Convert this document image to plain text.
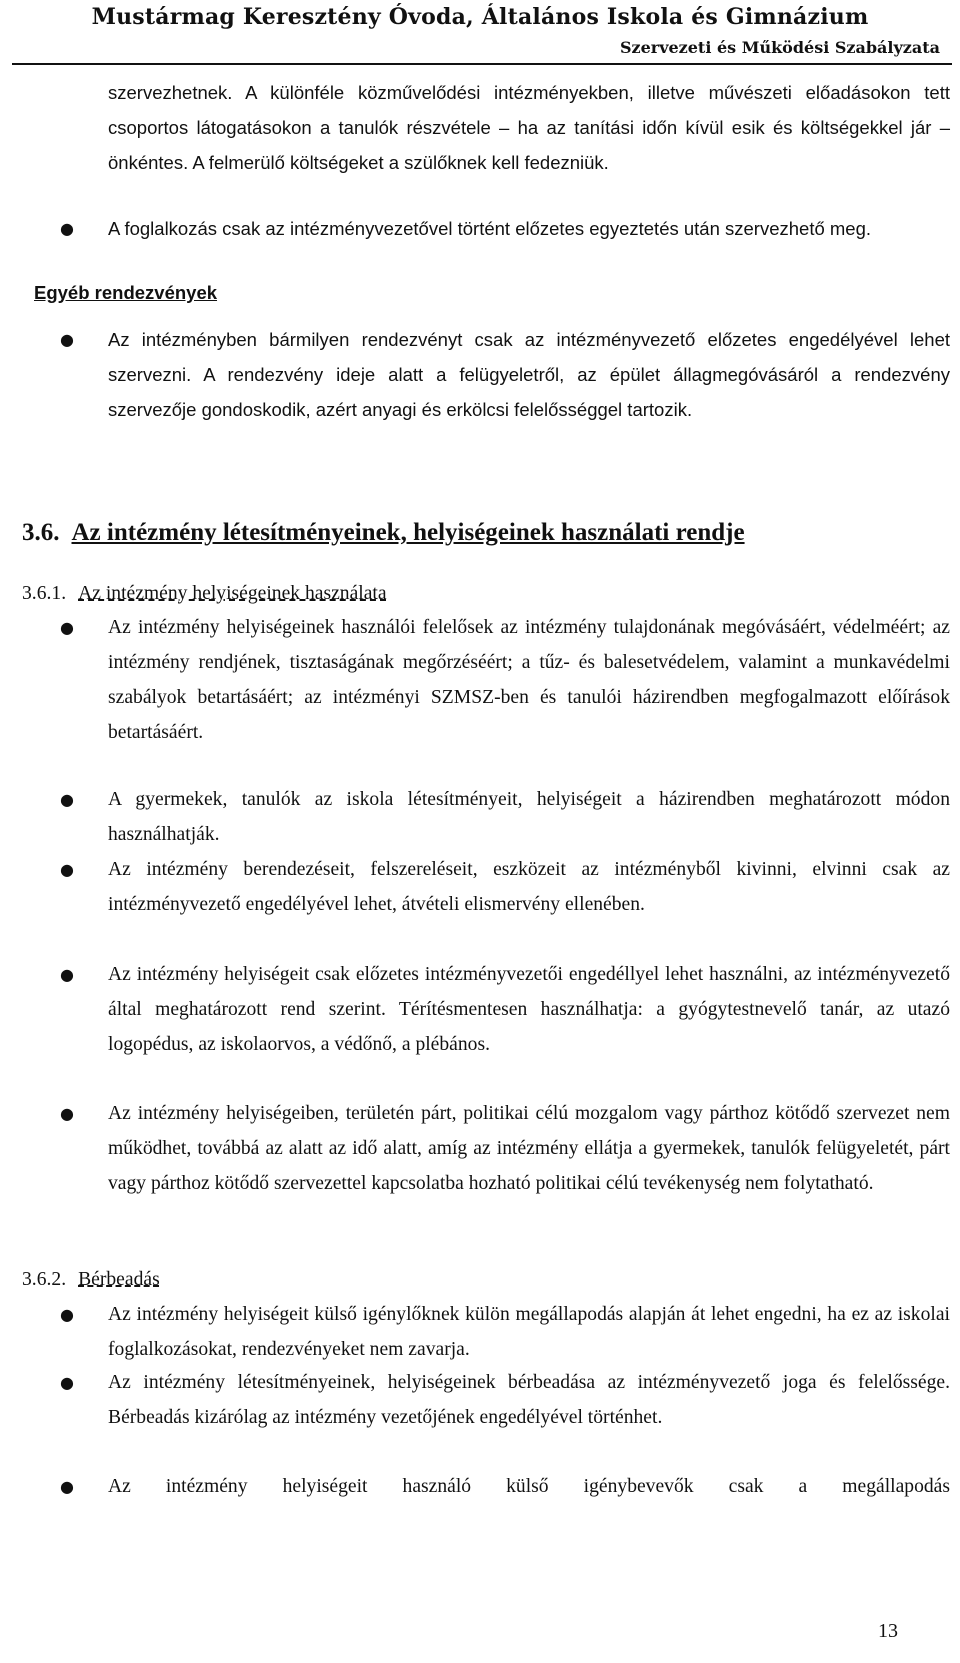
Mustármag Keresztény Óvoda, Általános Iskola és Gimnázium
Szervezeti és Működési Szabályzata
szervezhetnek. A különféle közművelődési intézményekben, illetve művészeti előadásokon tett csoportos látogatásokon a tanulók részvétele – ha az tanítási időn kívül esik és költségekkel jár – önkéntes. A felmerülő költségeket a szülőknek kell fedezniük.
● A foglalkozás csak az intézményvezetővel történt előzetes egyeztetés után szervezhető meg.
Egyéb rendezvények
● Az intézményben bármilyen rendezvényt csak az intézményvezető előzetes engedélyével lehet szervezni. A rendezvény ideje alatt a felügyeletről, az épület állagmegóvásáról a rendezvény szervezője gondoskodik, azért anyagi és erkölcsi felelősséggel tartozik.
3.6. Az intézmény létesítményeinek, helyiségeinek használati rendje
3.6.1. Az intézmény helyiségeinek használata
● Az intézmény helyiségeinek használói felelősek az intézmény tulajdonának megóvásáért, védelméért; az intézmény rendjének, tisztaságának megőrzéséért; a tűz- és balesetvédelem, valamint a munkavédelmi szabályok betartásáért; az intézményi SZMSZ-ben és tanulói házirendben megfogalmazott előírások betartásáért.
● A gyermekek, tanulók az iskola létesítményeit, helyiségeit a házirendben meghatározott módon használhatják.
● Az intézmény berendezéseit, felszereléseit, eszközeit az intézményből kivinni, elvinni csak az intézményvezető engedélyével lehet, átvételi elismervény ellenében.
● Az intézmény helyiségeit csak előzetes intézményvezetői engedéllyel lehet használni, az intézményvezető által meghatározott rend szerint. Térítésmentesen használhatja: a gyógytestnevelő tanár, az utazó logopédus, az iskolaorvos, a védőnő, a plébános.
● Az intézmény helyiségeiben, területén párt, politikai célú mozgalom vagy párthoz kötődő szervezet nem működhet, továbbá az alatt az idő alatt, amíg az intézmény ellátja a gyermekek, tanulók felügyeletét, párt vagy párthoz kötődő szervezettel kapcsolatba hozható politikai célú tevékenység nem folytatható.
3.6.2. Bérbeadás
● Az intézmény helyiségeit külső igénylőknek külön megállapodás alapján át lehet engedni, ha ez az iskolai foglalkozásokat, rendezvényeket nem zavarja.
● Az intézmény létesítményeinek, helyiségeinek bérbeadása az intézményvezető joga és felelőssége. Bérbeadás kizárólag az intézmény vezetőjének engedélyével történhet.
● Az intézmény helyiségeit használó külső igénybevevők csak a megállapodás
13
